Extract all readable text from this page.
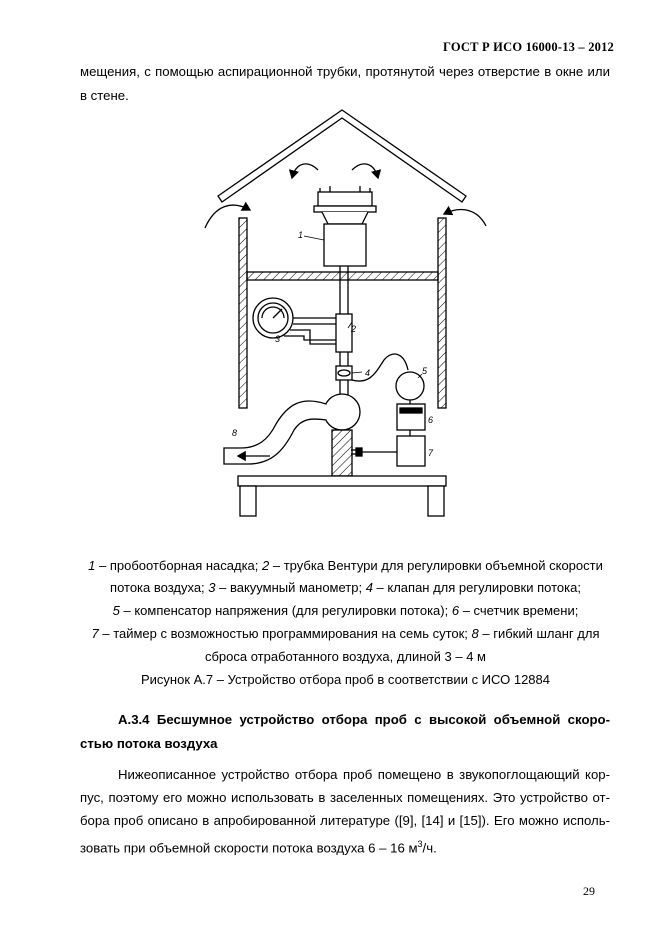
ГОСТ Р ИСО 16000-13 – 2012
мещения, с помощью аспирационной трубки, протянутой через отверстие в окне или
в стене.
1
2
3
4	5
6
7
8
1 – пробоотборная насадка; 2 – трубка Вентури для регулировки объемной скорости
потока воздуха; 3 – вакуумный манометр; 4 – клапан для регулировки потока;
5 – компенсатор напряжения (для регулировки потока); 6 – счетчик времени;
7 – таймер с возможностью программирования на семь суток; 8 – гибкий шланг для
сброса отработанного воздуха, длиной 3 – 4 м
Рисунок А.7 – Устройство отбора проб в соответствии с ИСО 12884
А.3.4 Бесшумное устройство отбора проб с высокой объемной скоро-
стью потока воздуха
Нижеописанное устройство отбора проб помещено в звукопоглощающий кор-
пус, поэтому его можно использовать в заселенных помещениях. Это устройство от-
бора проб описано в апробированной литературе ([9], [14] и [15]). Его можно исполь-
зовать при объемной скорости потока воздуха 6 – 16 $м^3/ч$.
29
